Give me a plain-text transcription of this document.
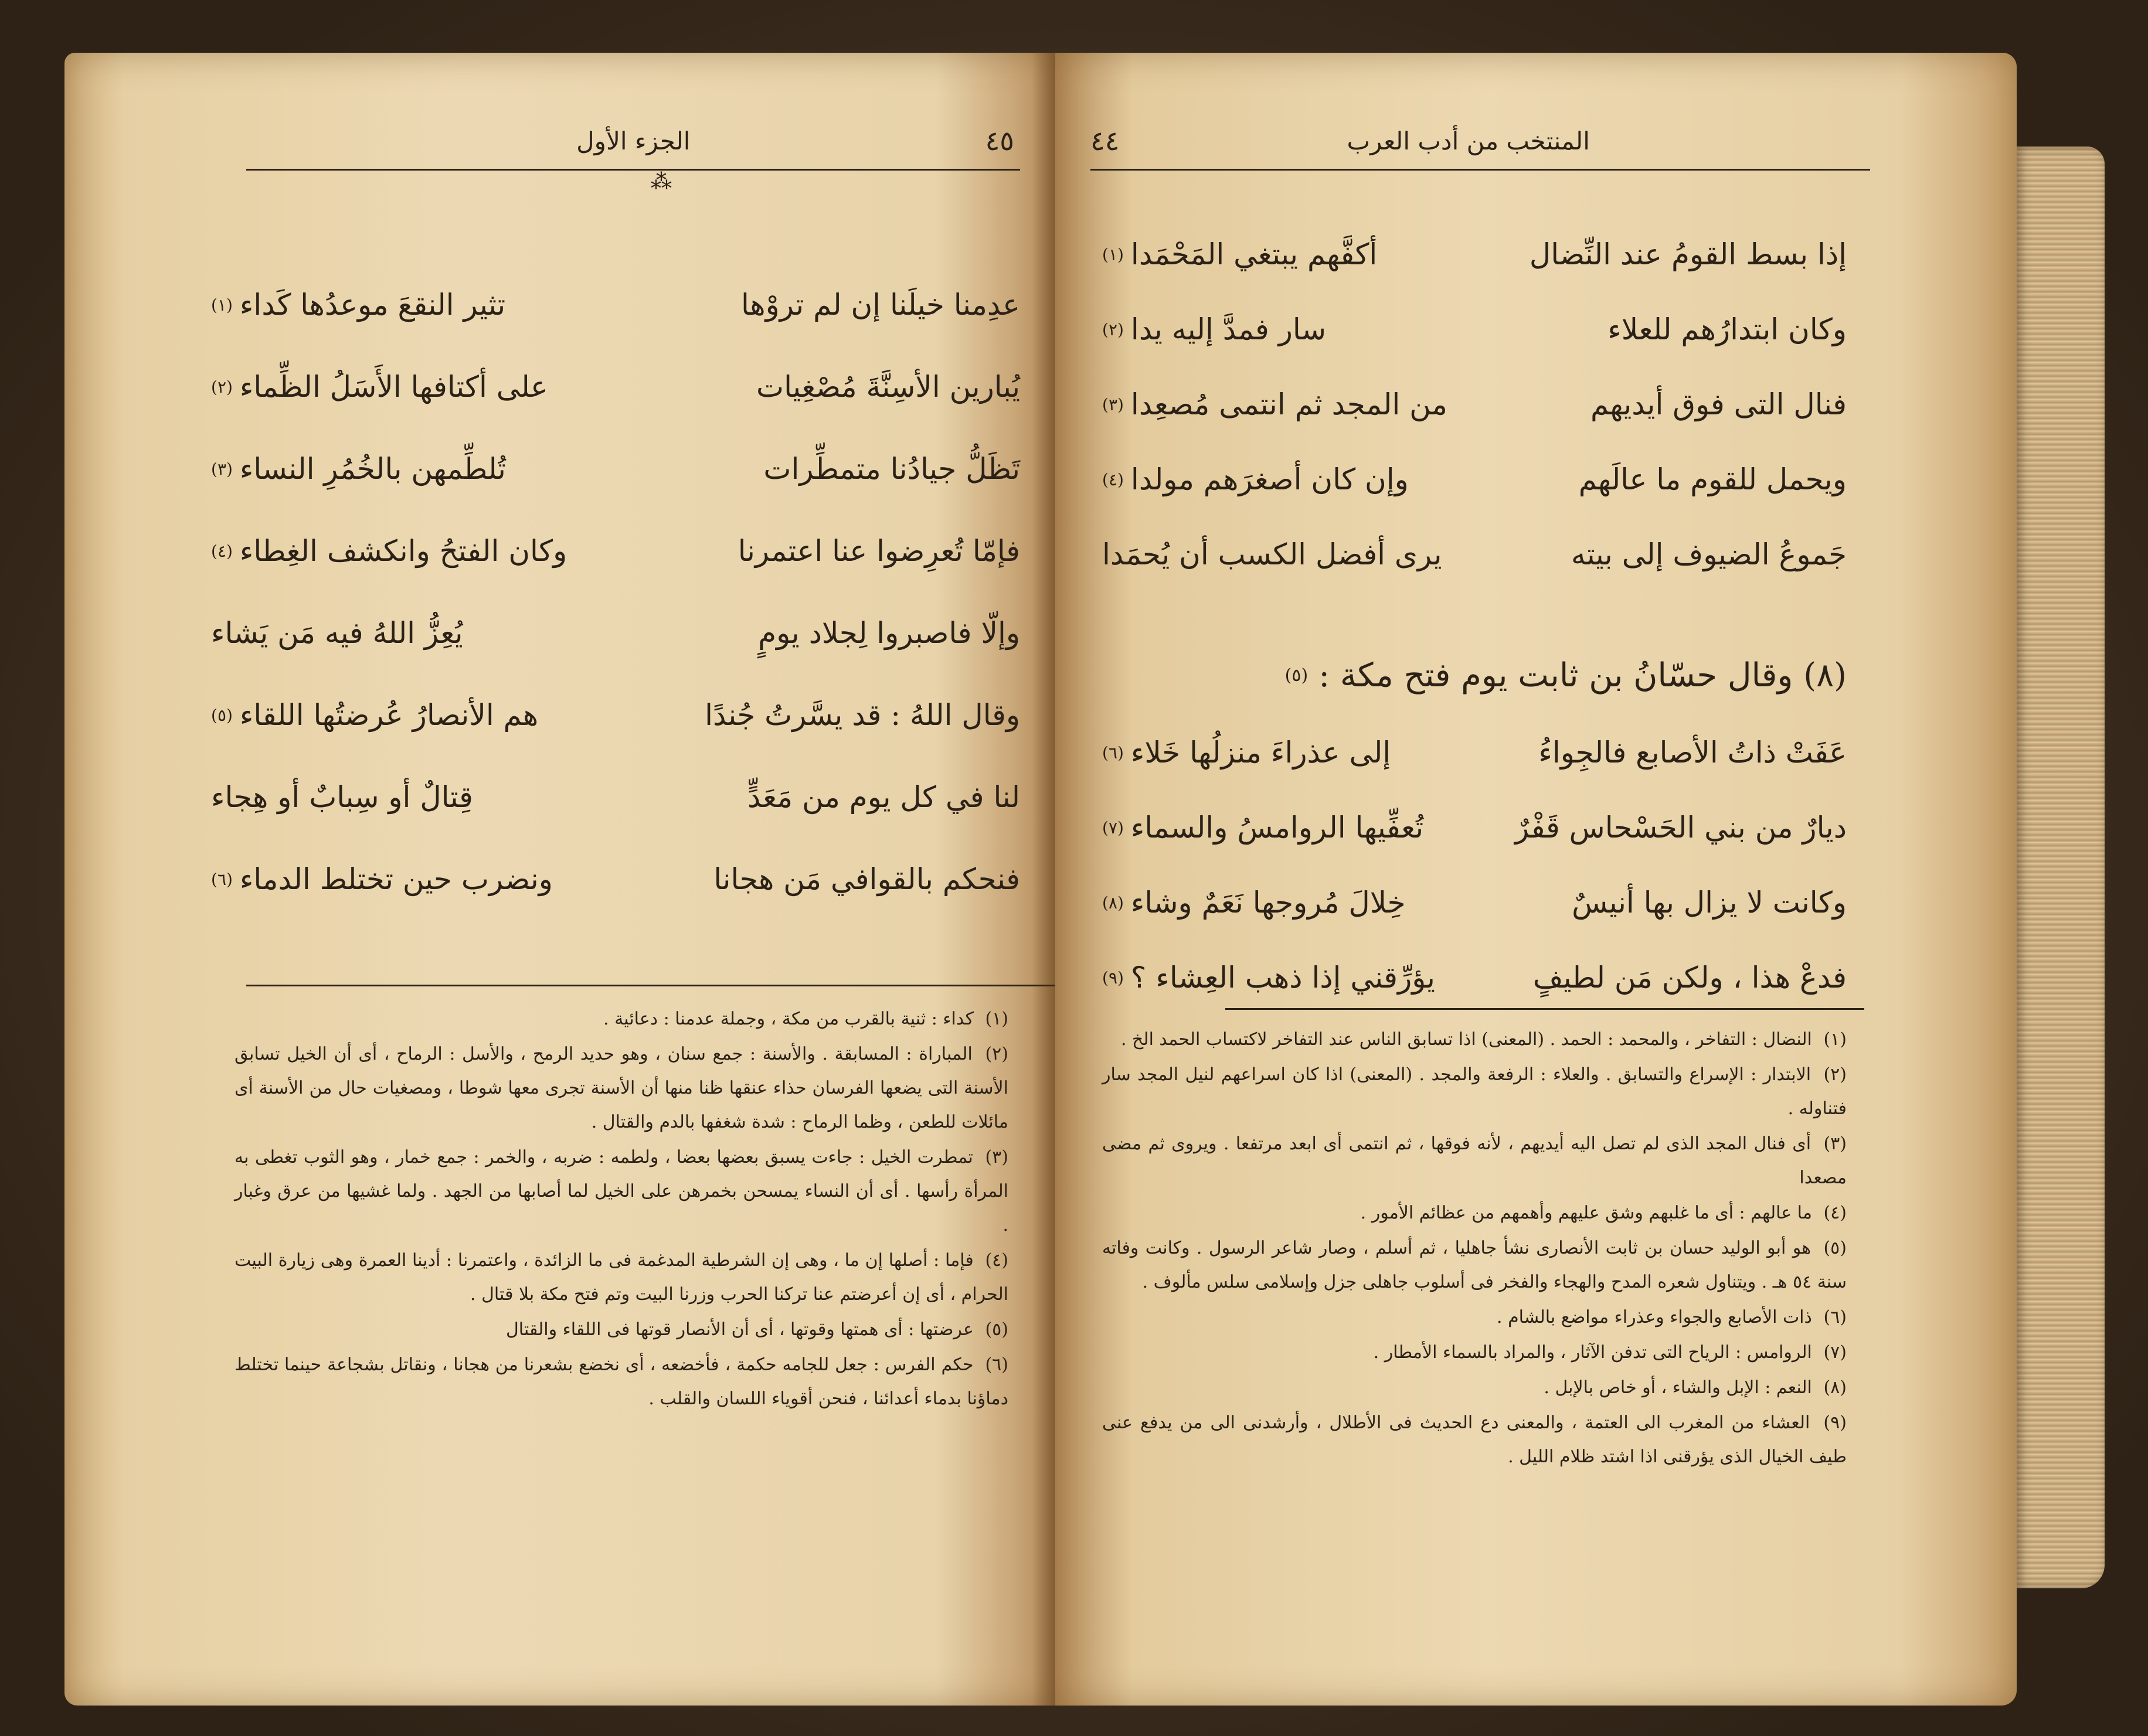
٤٥
الجزء الأول
⁂
عدِمنا خيلَنا إن لم تروْها
تثير النقعَ موعدُها كَداء
(١)
يُبارين الأسِنَّةَ مُصْغِيات
على أكتافها الأَسَلُ الظِّماء
(٢)
تَظَلُّ جيادُنا متمطِّرات
تُلطِّمهن بالخُمُرِ النساء
(٣)
فإمّا تُعرِضوا عنا اعتمرنا
وكان الفتحُ وانكشف الغِطاء
(٤)
وإلّا فاصبروا لِجلاد يومٍ
يُعِزُّ اللهُ فيه مَن يَشاء
وقال اللهُ : قد يسَّرتُ جُندًا
هم الأنصارُ عُرضتُها اللقاء
(٥)
لنا في كل يوم من مَعَدٍّ
قِتالٌ أو سِبابٌ أو هِجاء
فنحكم بالقوافي مَن هجانا
ونضرب حين تختلط الدماء
(٦)
(١) كداء : ثنية بالقرب من مكة ، وجملة عدمنا : دعائية .
(٢) المباراة : المسابقة . والأسنة : جمع سنان ، وهو حديد الرمح ، والأسل : الرماح ، أى أن الخيل تسابق الأسنة التى يضعها الفرسان حذاء عنقها ظنا منها أن الأسنة تجرى معها شوطا ، ومصغيات حال من الأسنة أى مائلات للطعن ، وظما الرماح : شدة شغفها بالدم والقتال .
(٣) تمطرت الخيل : جاءت يسبق بعضها بعضا ، ولطمه : ضربه ، والخمر : جمع خمار ، وهو الثوب تغطى به المرأة رأسها . أى أن النساء يمسحن بخمرهن على الخيل لما أصابها من الجهد . ولما غشيها من عرق وغبار .
(٤) فإما : أصلها إن ما ، وهى إن الشرطية المدغمة فى ما الزائدة ، واعتمرنا : أدينا العمرة وهى زيارة البيت الحرام ، أى إن أعرضتم عنا تركنا الحرب وزرنا البيت وتم فتح مكة بلا قتال .
(٥) عرضتها : أى همتها وقوتها ، أى أن الأنصار قوتها فى اللقاء والقتال
(٦) حكم الفرس : جعل للجامه حكمة ، فأخضعه ، أى نخضع بشعرنا من هجانا ، ونقاتل بشجاعة حينما تختلط دماؤنا بدماء أعدائنا ، فنحن أقوياء اللسان والقلب .
المنتخب من أدب العرب
٤٤
إذا بسط القومُ عند النِّضال
أكفَّهم يبتغي المَحْمَدا
(١)
وكان ابتدارُهم للعلاء
سار فمدَّ إليه يدا
(٢)
فنال التى فوق أيديهم
من المجد ثم انتمى مُصعِدا
(٣)
ويحمل للقوم ما عالَهم
وإن كان أصغرَهم مولدا
(٤)
جَموعُ الضيوف إلى بيته
يرى أفضل الكسب أن يُحمَدا
(٨) وقال حسّانُ بن ثابت يوم فتح مكة :
(٥)
عَفَتْ ذاتُ الأصابع فالجِواءُ
إلى عذراءَ منزلُها خَلاء
(٦)
ديارٌ من بني الحَسْحاس قَفْرٌ
تُعفِّيها الروامسُ والسماء
(٧)
وكانت لا يزال بها أنيسٌ
خِلالَ مُروجها نَعَمٌ وشاء
(٨)
فدعْ هذا ، ولكن مَن لطيفٍ
يؤرِّقني إذا ذهب العِشاء ؟
(٩)
(١) النضال : التفاخر ، والمحمد : الحمد . (المعنى) اذا تسابق الناس عند التفاخر لاكتساب الحمد الخ .
(٢) الابتدار : الإسراع والتسابق . والعلاء : الرفعة والمجد . (المعنى) اذا كان اسراعهم لنيل المجد سار فتناوله .
(٣) أى فنال المجد الذى لم تصل اليه أيديهم ، لأنه فوقها ، ثم انتمى أى ابعد مرتفعا . ويروى ثم مضى مصعدا
(٤) ما عالهم : أى ما غلبهم وشق عليهم وأهمهم من عظائم الأمور .
(٥) هو أبو الوليد حسان بن ثابت الأنصارى نشأ جاهليا ، ثم أسلم ، وصار شاعر الرسول . وكانت وفاته سنة ٥٤ هـ . ويتناول شعره المدح والهجاء والفخر فى أسلوب جاهلى جزل وإسلامى سلس مألوف .
(٦) ذات الأصابع والجواء وعذراء مواضع بالشام .
(٧) الروامس : الرياح التى تدفن الآثار ، والمراد بالسماء الأمطار .
(٨) النعم : الإبل والشاء ، أو خاص بالإبل .
(٩) العشاء من المغرب الى العتمة ، والمعنى دع الحديث فى الأطلال ، وأرشدنى الى من يدفع عنى طيف الخيال الذى يؤرقنى اذا اشتد ظلام الليل .
